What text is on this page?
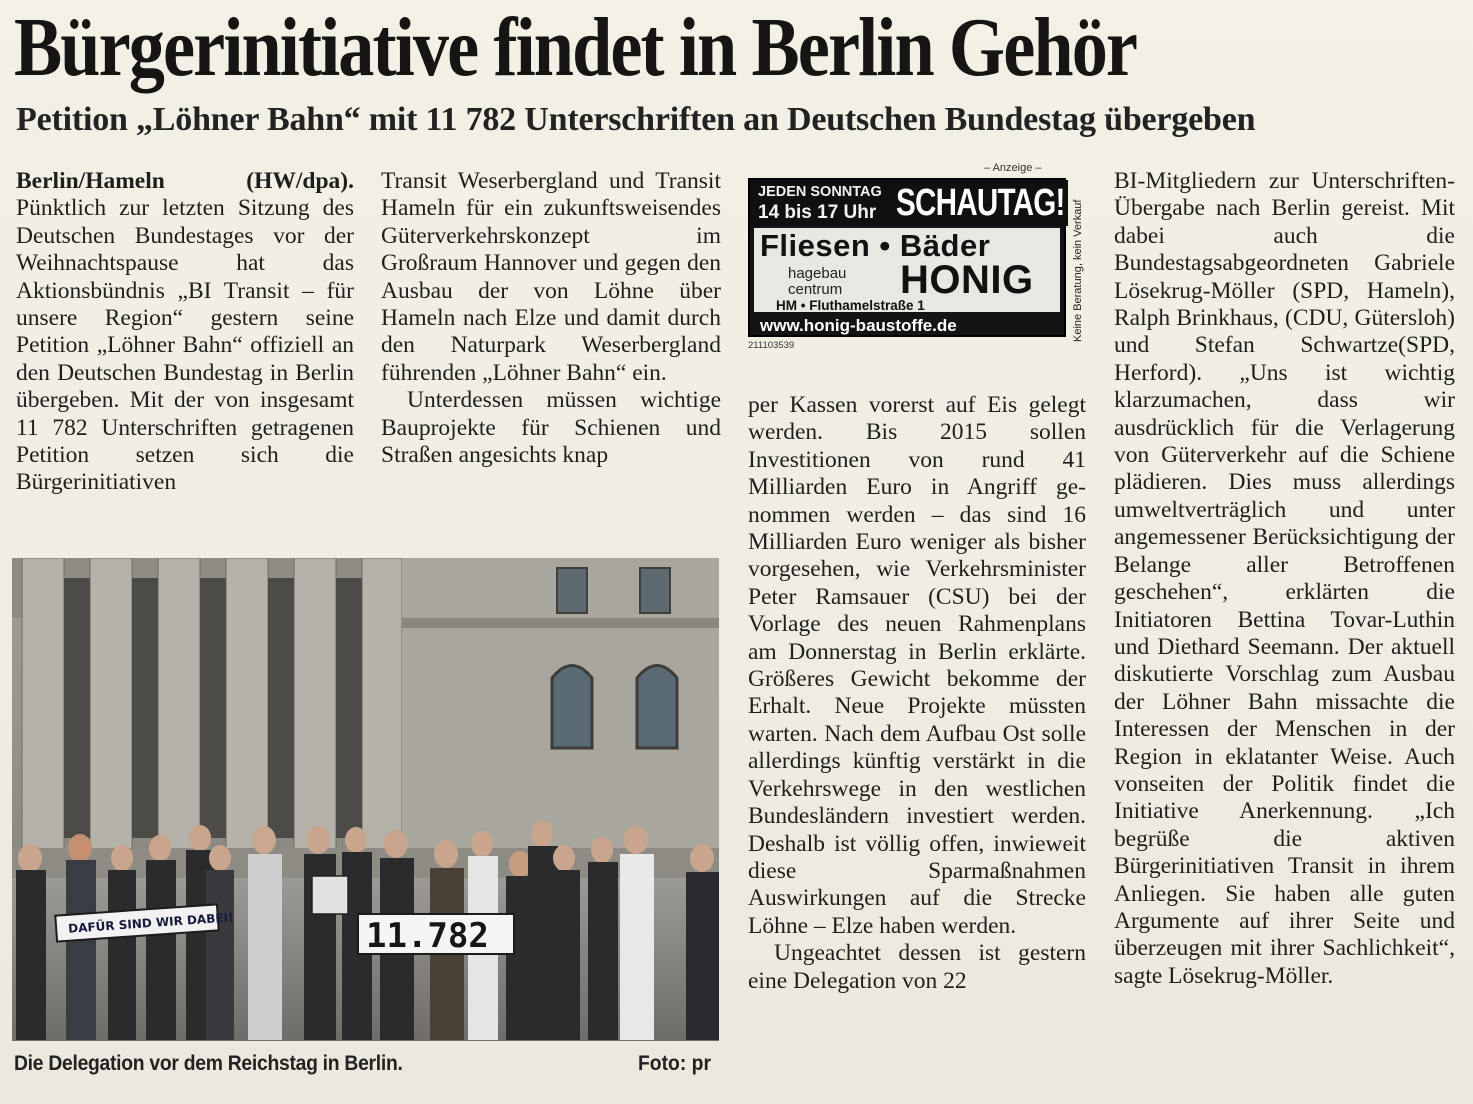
Bürgerinitiative findet in Berlin Gehör
Petition „Löhner Bahn“ mit 11 782 Unterschriften an Deutschen Bundestag übergeben

Berlin/Hameln (HW/dpa). Pünktlich zur letzten Sitzung des Deutschen Bundestages vor der Weihnachtspause hat das Aktionsbündnis „BI Transit – für unsere Region“ gestern seine Petition „Löhner Bahn“ offiziell an den Deutschen Bundestag in Berlin übergeben. Mit der von insgesamt 11 782 Unterschriften getragenen Petition setzen sich die Bürgerinitiativen

Transit Weserbergland und Transit Hameln für ein zukunftsweisendes Güterverkehrskonzept im Großraum Hannover und gegen den Ausbau der von Löhne über Hameln nach Elze und damit durch den Naturpark Weserbergland führenden „Löhner Bahn“ ein.

Unterdessen müssen wichtige Bauprojekte für Schienen und Straßen angesichts knap

– Anzeige –
JEDEN SONNTAG
14 bis 17 Uhr SCHAUTAG!
Fliesen • Bäder
hagebau
centrum HONIG
HM • Fluthamelstraße 1
www.honig-baustoffe.de	Keine Beratung, kein Verkauf
211103539

per Kassen vorerst auf Eis gelegt werden. Bis 2015 sollen Investitionen von rund 41 Milliarden Euro in Angriff genommen werden – das sind 16 Milliarden Euro weniger als bisher vorgesehen, wie Verkehrsminister Peter Ramsauer (CSU) bei der Vorlage des neuen Rahmenplans am Donnerstag in Berlin erklärte. Größeres Gewicht bekomme der Erhalt. Neue Projekte müssten warten. Nach dem Aufbau Ost solle allerdings künftig verstärkt in die Verkehrswege in den westlichen Bundesländern investiert werden. Deshalb ist völlig offen, inwieweit diese Sparmaßnahmen Auswirkungen auf die Strecke Löhne – Elze haben werden.

Ungeachtet dessen ist gestern eine Delegation von 22

BI-Mitgliedern zur Unterschriften-Übergabe nach Berlin gereist. Mit dabei auch die Bundestagsabgeordneten Gabriele Lösekrug-Möller (SPD, Hameln), Ralph Brinkhaus, (CDU, Gütersloh) und Stefan Schwartze(SPD, Herford). „Uns ist wichtig klarzumachen, dass wir ausdrücklich für die Verlagerung von Güterverkehr auf die Schiene plädieren. Dies muss allerdings umweltverträglich und unter angemessener Berücksichtigung der Belange aller Betroffenen geschehen“, erklärten die Initiatoren Bettina Tovar-Luthin und Diethard Seemann. Der aktuell diskutierte Vorschlag zum Ausbau der Löhner Bahn missachte die Interessen der Menschen in der Region in eklatanter Weise. Auch vonseiten der Politik findet die Initiative Anerkennung. „Ich begrüße die aktiven Bürgerinitiativen Transit in ihrem Anliegen. Sie haben alle guten Argumente auf ihrer Seite und überzeugen mit ihrer Sachlichkeit“, sagte Lösekrug-Möller.

DAFÜR SIND WIR DABEI!	11.782
Die Delegation vor dem Reichstag in Berlin.	Foto: pr
